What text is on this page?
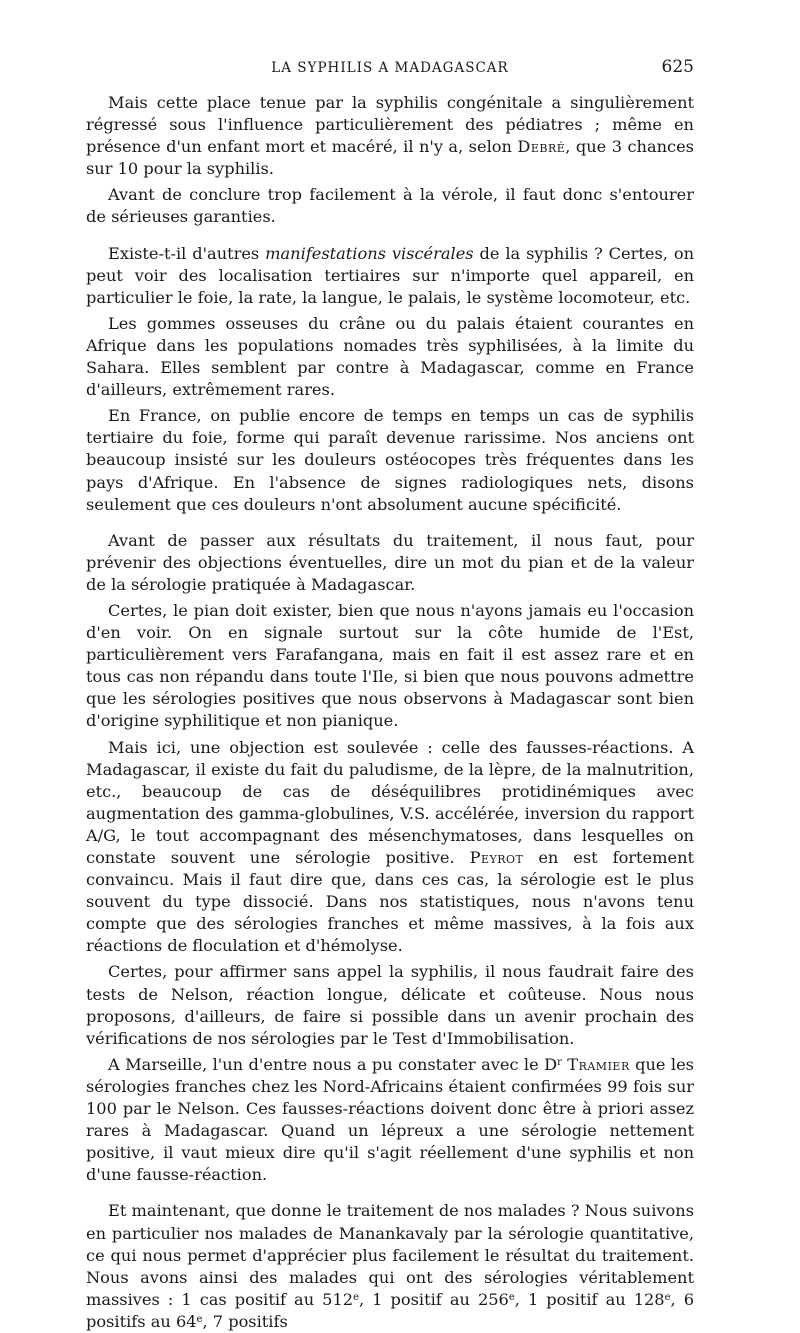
LA SYPHILIS A MADAGASCAR	625

Mais cette place tenue par la syphilis congénitale a singulièrement régressé sous l'influence particulièrement des pédiatres ; même en présence d'un enfant mort et macéré, il n'y a, selon Debré, que 3 chances sur 10 pour la syphilis.

Avant de conclure trop facilement à la vérole, il faut donc s'entourer de sérieuses garanties.

Existe-t-il d'autres manifestations viscérales de la syphilis ? Certes, on peut voir des localisation tertiaires sur n'importe quel appareil, en particulier le foie, la rate, la langue, le palais, le système locomoteur, etc.

Les gommes osseuses du crâne ou du palais étaient courantes en Afrique dans les populations nomades très syphilisées, à la limite du Sahara. Elles semblent par contre à Madagascar, comme en France d'ailleurs, extrêmement rares.

En France, on publie encore de temps en temps un cas de syphilis tertiaire du foie, forme qui paraît devenue rarissime. Nos anciens ont beaucoup insisté sur les douleurs ostéocopes très fréquentes dans les pays d'Afrique. En l'absence de signes radiologiques nets, disons seulement que ces douleurs n'ont absolument aucune spécificité.

Avant de passer aux résultats du traitement, il nous faut, pour prévenir des objections éventuelles, dire un mot du pian et de la valeur de la sérologie pratiquée à Madagascar.

Certes, le pian doit exister, bien que nous n'ayons jamais eu l'occasion d'en voir. On en signale surtout sur la côte humide de l'Est, particulièrement vers Farafangana, mais en fait il est assez rare et en tous cas non répandu dans toute l'Ile, si bien que nous pouvons admettre que les sérologies positives que nous observons à Madagascar sont bien d'origine syphilitique et non pianique.

Mais ici, une objection est soulevée : celle des fausses-réactions. A Madagascar, il existe du fait du paludisme, de la lèpre, de la malnutrition, etc., beaucoup de cas de déséquilibres protidinémiques avec augmentation des gamma-globulines, V.S. accélérée, inversion du rapport A/G, le tout accompagnant des mésenchymatoses, dans lesquelles on constate souvent une sérologie positive. Peyrot en est fortement convaincu. Mais il faut dire que, dans ces cas, la sérologie est le plus souvent du type dissocié. Dans nos statistiques, nous n'avons tenu compte que des sérologies franches et même massives, à la fois aux réactions de floculation et d'hémolyse.

Certes, pour affirmer sans appel la syphilis, il nous faudrait faire des tests de Nelson, réaction longue, délicate et coûteuse. Nous nous proposons, d'ailleurs, de faire si possible dans un avenir prochain des vérifications de nos sérologies par le Test d'Immobilisation.

A Marseille, l'un d'entre nous a pu constater avec le $D^r$ Tramier que les sérologies franches chez les Nord-Africains étaient confirmées 99 fois sur 100 par le Nelson. Ces fausses-réactions doivent donc être à priori assez rares à Madagascar. Quand un lépreux a une sérologie nettement positive, il vaut mieux dire qu'il s'agit réellement d'une syphilis et non d'une fausse-réaction.

Et maintenant, que donne le traitement de nos malades ? Nous suivons en particulier nos malades de Manankavaly par la sérologie quantitative, ce qui nous permet d'apprécier plus facilement le résultat du traitement. Nous avons ainsi des malades qui ont des sérologies véritablement massives : 1 cas positif au 512e, 1 positif au 256e, 1 positif au 128e, 6 positifs au 64e, 7 positifs
